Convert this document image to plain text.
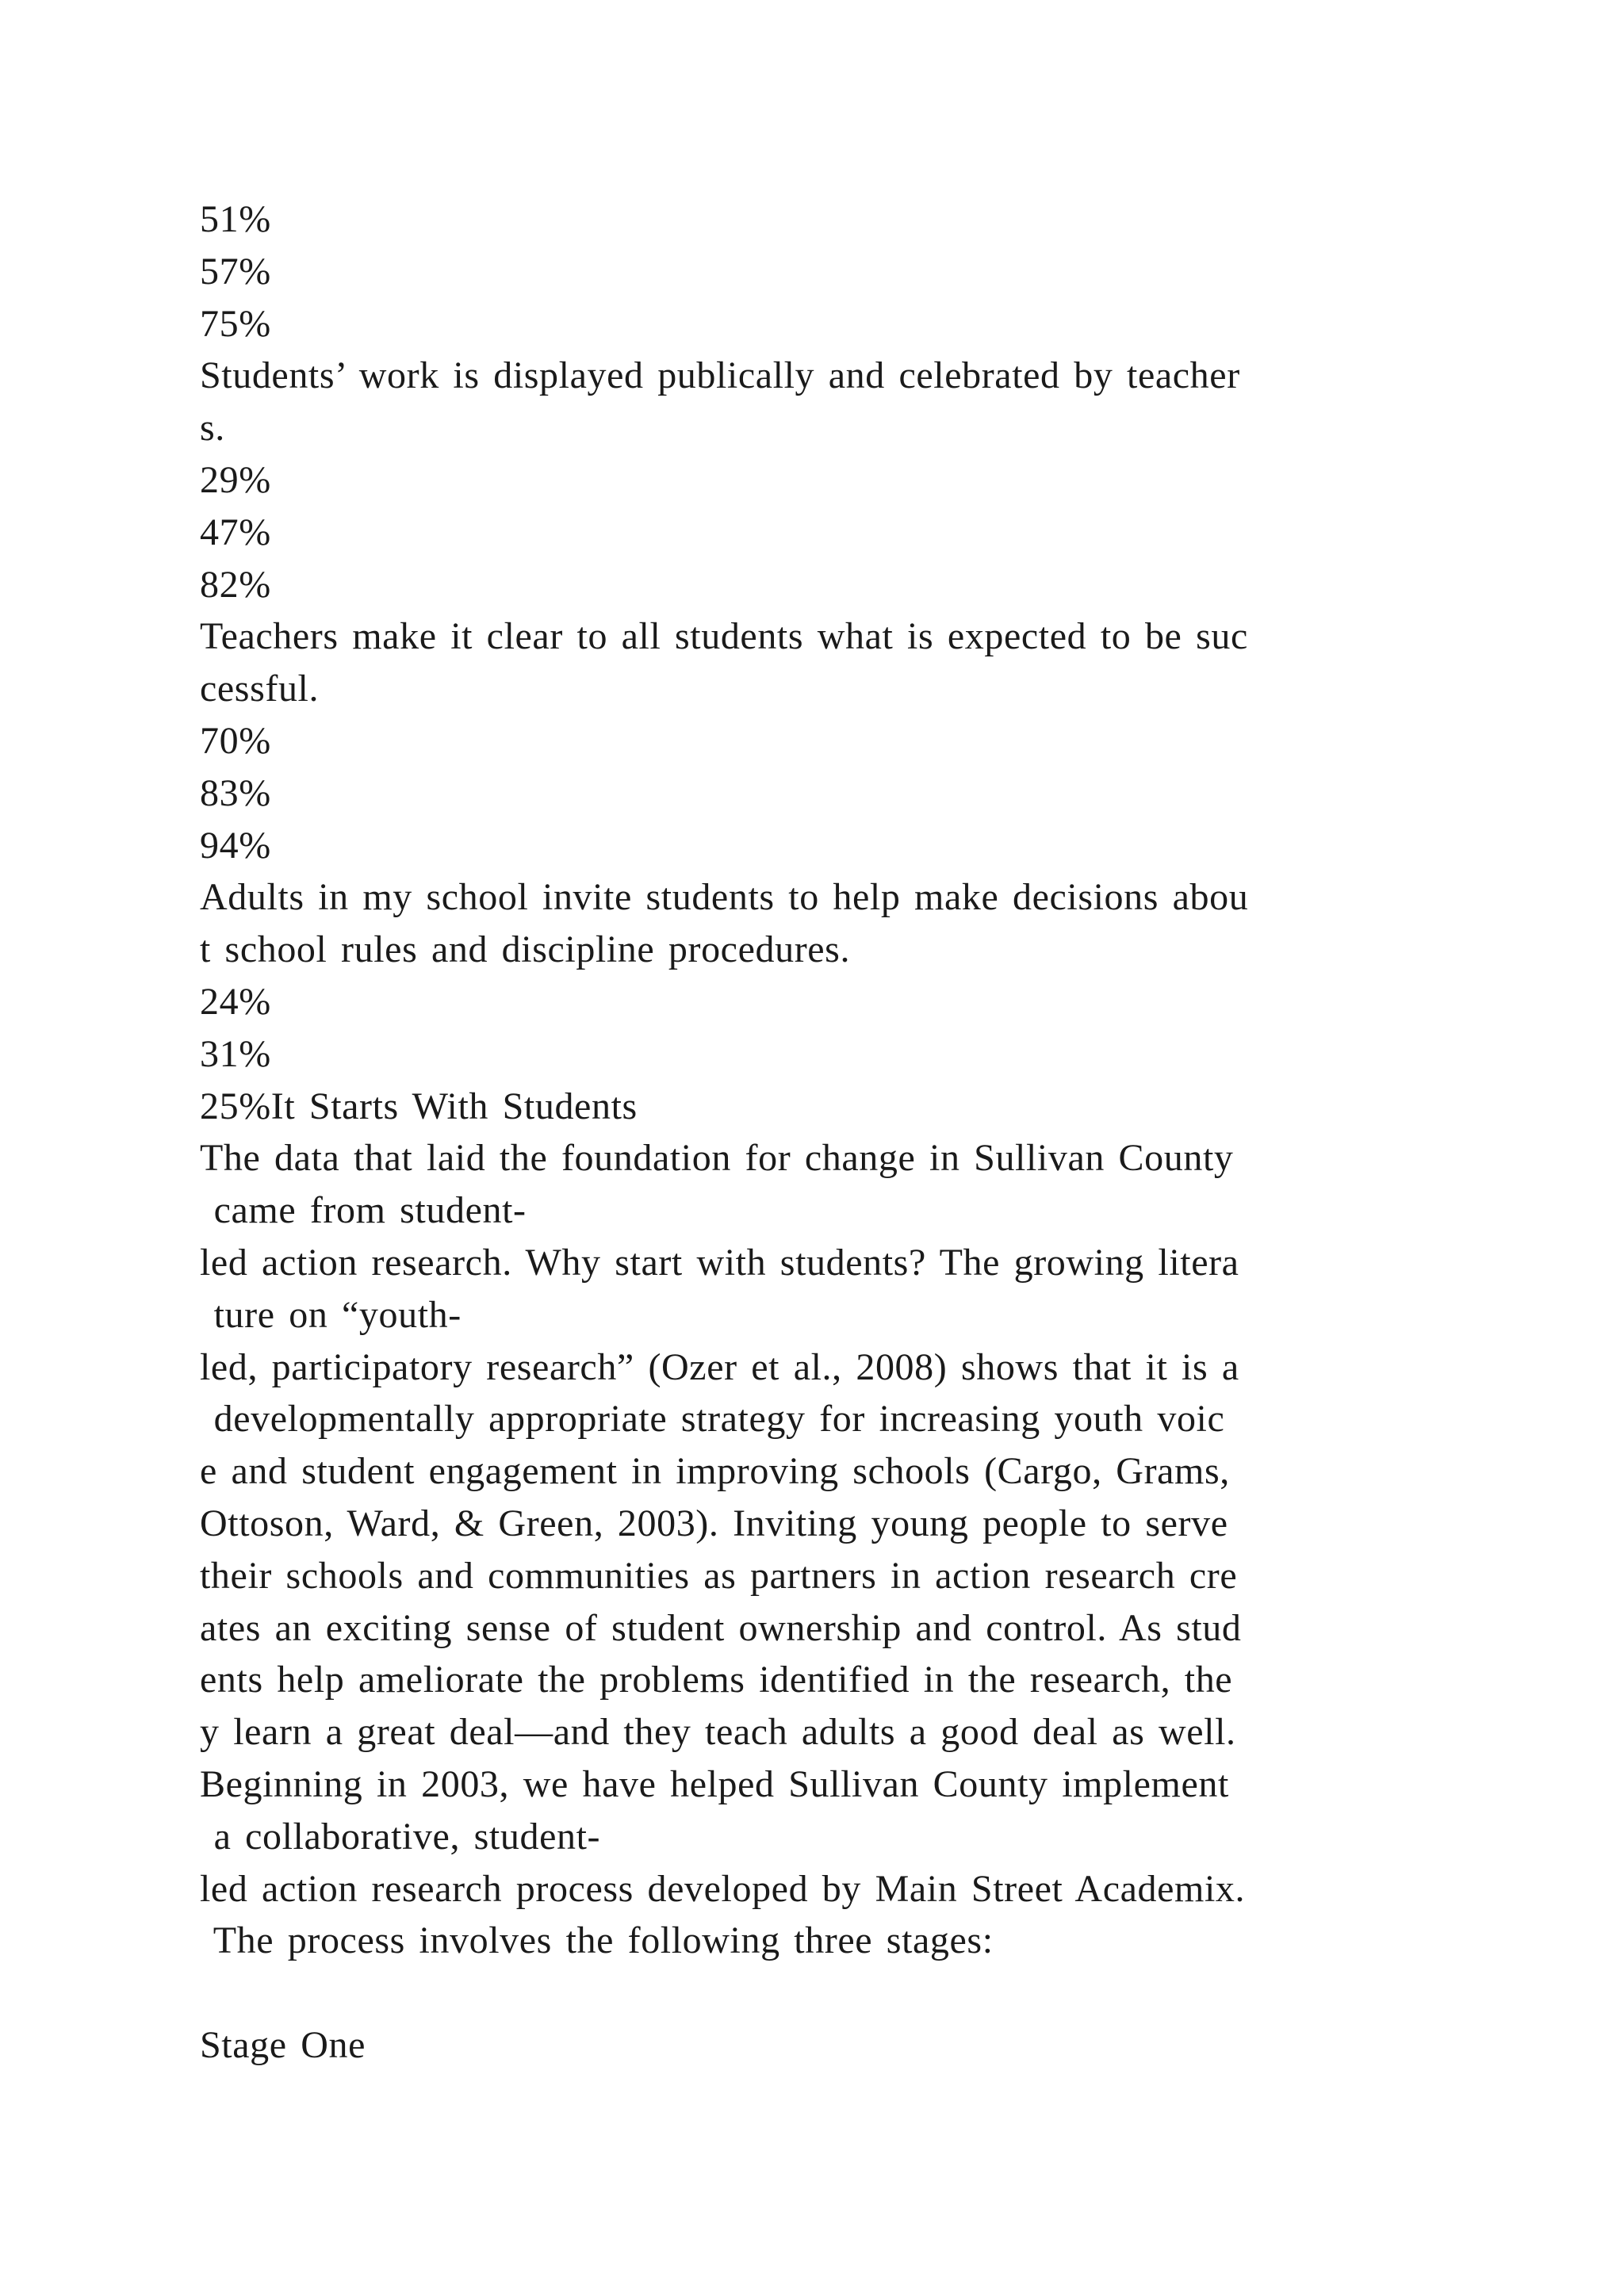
51%
57%
75%
Students’ work is displayed publically and celebrated by teacher
s.
29%
47%
82%
Teachers make it clear to all students what is expected to be suc
cessful.
70%
83%
94%
Adults in my school invite students to help make decisions abou
t school rules and discipline procedures.
24%
31%
25%It Starts With Students
The data that laid the foundation for change in Sullivan County
came from student-
led action research. Why start with students? The growing litera
ture on “youth-
led, participatory research” (Ozer et al., 2008) shows that it is a
developmentally appropriate strategy for increasing youth voic
e and student engagement in improving schools (Cargo, Grams,
Ottoson, Ward, & Green, 2003). Inviting young people to serve
their schools and communities as partners in action research cre
ates an exciting sense of student ownership and control. As stud
ents help ameliorate the problems identified in the research, the
y learn a great deal—and they teach adults a good deal as well.
Beginning in 2003, we have helped Sullivan County implement
a collaborative, student-
led action research process developed by Main Street Academix.
The process involves the following three stages:
Stage One
